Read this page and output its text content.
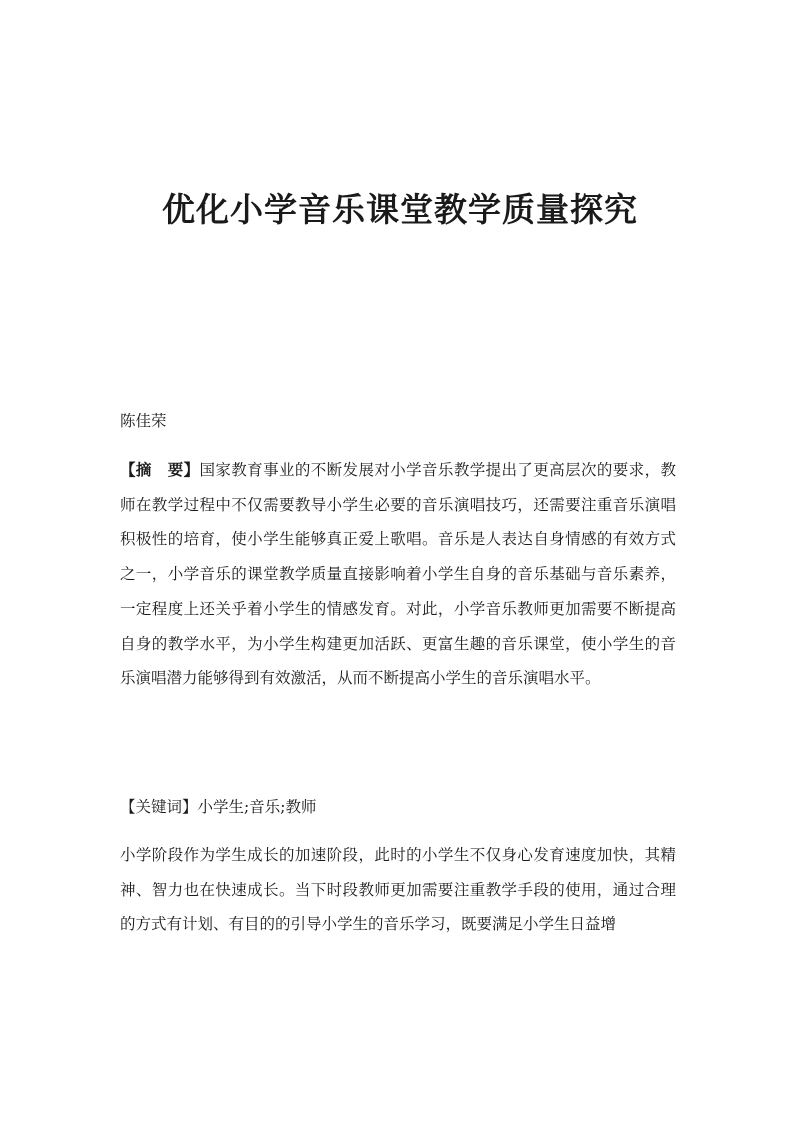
优化小学音乐课堂教学质量探究

陈佳荣

【摘　要】国家教育事业的不断发展对小学音乐教学提出了更高层次的要求，教师在教学过程中不仅需要教导小学生必要的音乐演唱技巧，还需要注重音乐演唱积极性的培育，使小学生能够真正爱上歌唱。音乐是人表达自身情感的有效方式之一，小学音乐的课堂教学质量直接影响着小学生自身的音乐基础与音乐素养，一定程度上还关乎着小学生的情感发育。对此，小学音乐教师更加需要不断提高自身的教学水平，为小学生构建更加活跃、更富生趣的音乐课堂，使小学生的音乐演唱潜力能够得到有效激活，从而不断提高小学生的音乐演唱水平。

【关键词】小学生;音乐;教师

小学阶段作为学生成长的加速阶段，此时的小学生不仅身心发育速度加快，其精神、智力也在快速成长。当下时段教师更加需要注重教学手段的使用，通过合理的方式有计划、有目的的引导小学生的音乐学习，既要满足小学生日益增
